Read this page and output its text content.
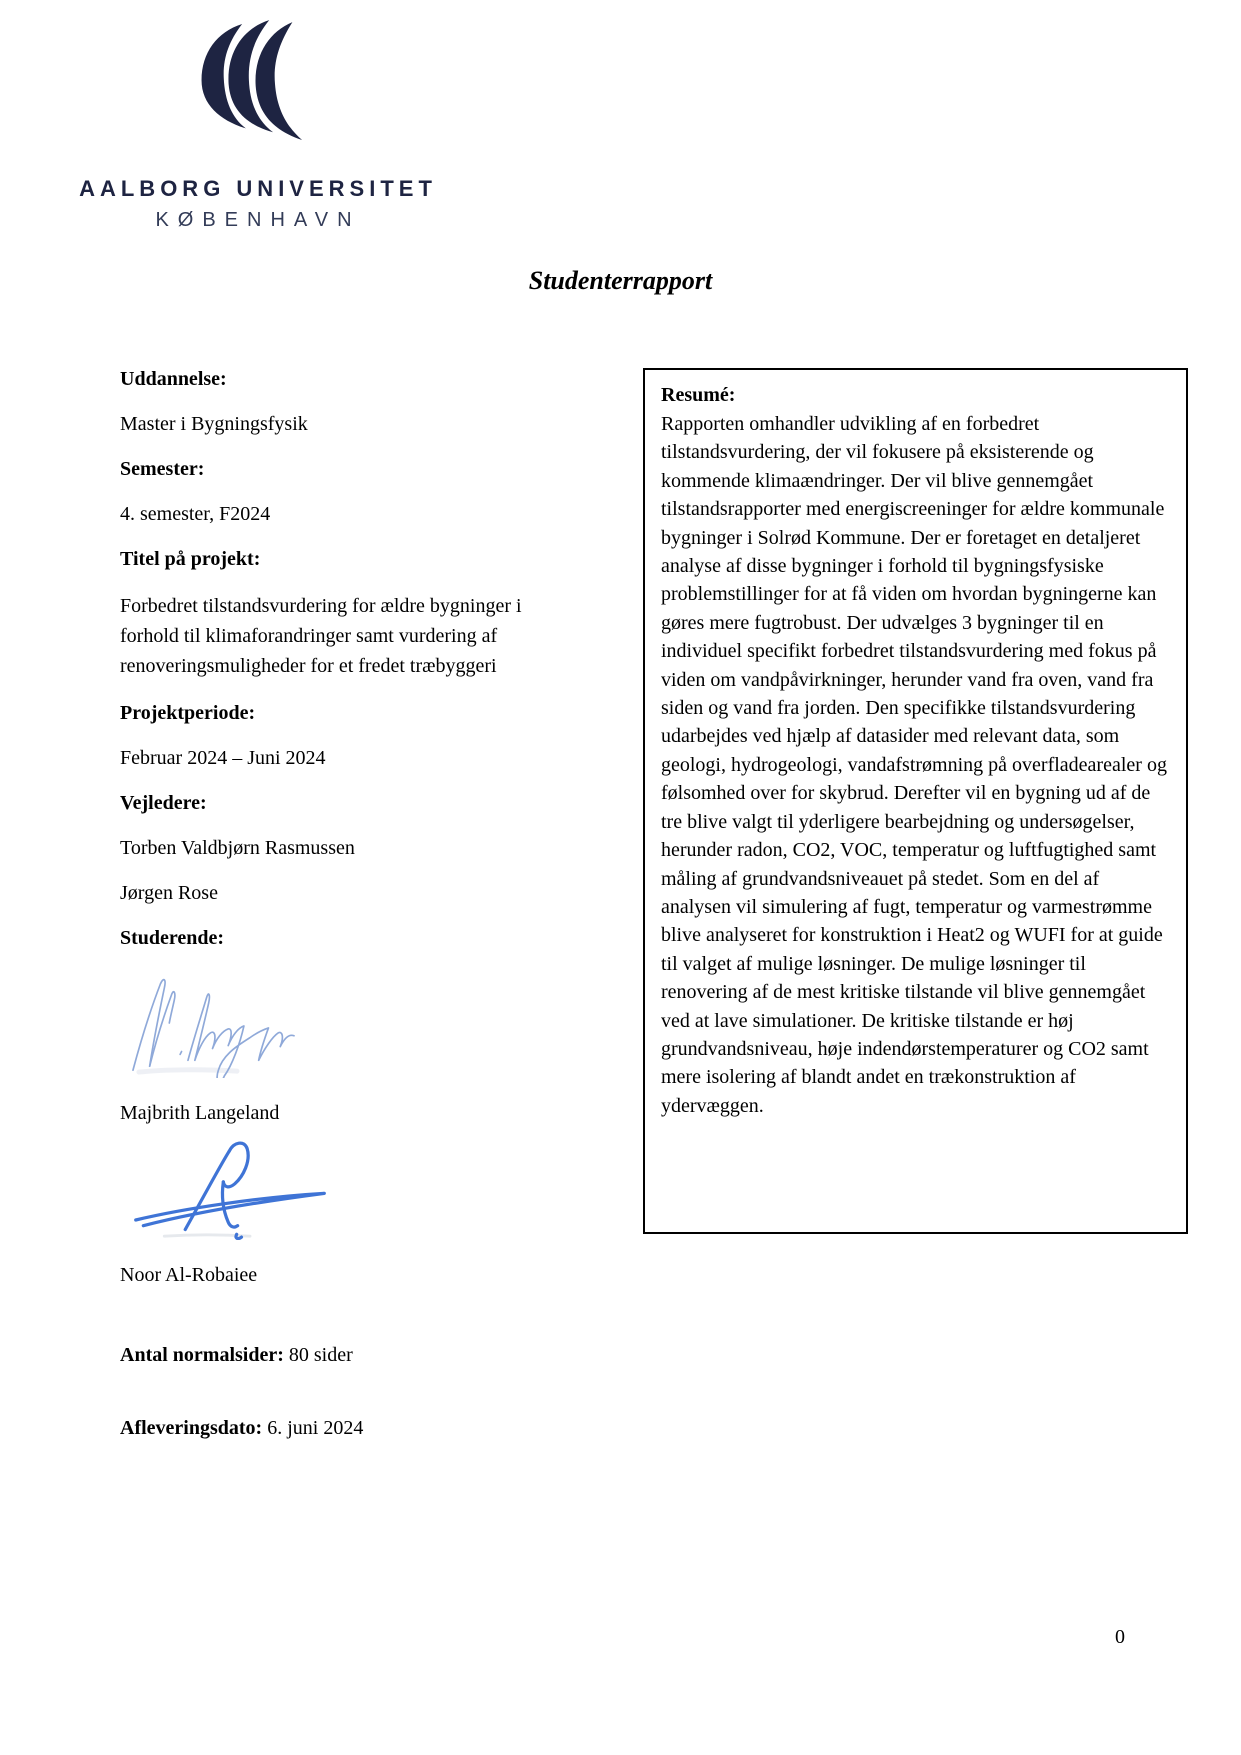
AALBORG UNIVERSITET
KØBENHAVN
Studenterrapport
Uddannelse:
Master i Bygningsfysik
Semester:
4. semester, F2024
Titel på projekt:
Forbedret tilstandsvurdering for ældre bygninger i forhold til klimaforandringer samt vurdering af renoveringsmuligheder for et fredet træbyggeri
Projektperiode:
Februar 2024 – Juni 2024
Vejledere:
Torben Valdbjørn Rasmussen
Jørgen Rose
Studerende:
Majbrith Langeland
Noor Al-Robaiee
Antal normalsider: 80 sider
Afleveringsdato: 6. juni 2024
Resumé:
Rapporten omhandler udvikling af en forbedret tilstandsvurdering, der vil fokusere på eksisterende og kommende klimaændringer. Der vil blive gennemgået tilstandsrapporter med energiscreeninger for ældre kommunale bygninger i Solrød Kommune. Der er foretaget en detaljeret analyse af disse bygninger i forhold til bygningsfysiske problemstillinger for at få viden om hvordan bygningerne kan gøres mere fugtrobust. Der udvælges 3 bygninger til en individuel specifikt forbedret tilstandsvurdering med fokus på viden om vandpåvirkninger, herunder vand fra oven, vand fra siden og vand fra jorden. Den specifikke tilstandsvurdering udarbejdes ved hjælp af datasider med relevant data, som geologi, hydrogeologi, vandafstrømning på overfladearealer og følsomhed over for skybrud. Derefter vil en bygning ud af de tre blive valgt til yderligere bearbejdning og undersøgelser, herunder radon, CO2, VOC, temperatur og luftfugtighed samt måling af grundvandsniveauet på stedet. Som en del af analysen vil simulering af fugt, temperatur og varmestrømme blive analyseret for konstruktion i Heat2 og WUFI for at guide til valget af mulige løsninger. De mulige løsninger til renovering af de mest kritiske tilstande vil blive gennemgået ved at lave simulationer. De kritiske tilstande er høj grundvandsniveau, høje indendørstemperaturer og CO2 samt mere isolering af blandt andet en trækonstruktion af ydervæggen.
0
